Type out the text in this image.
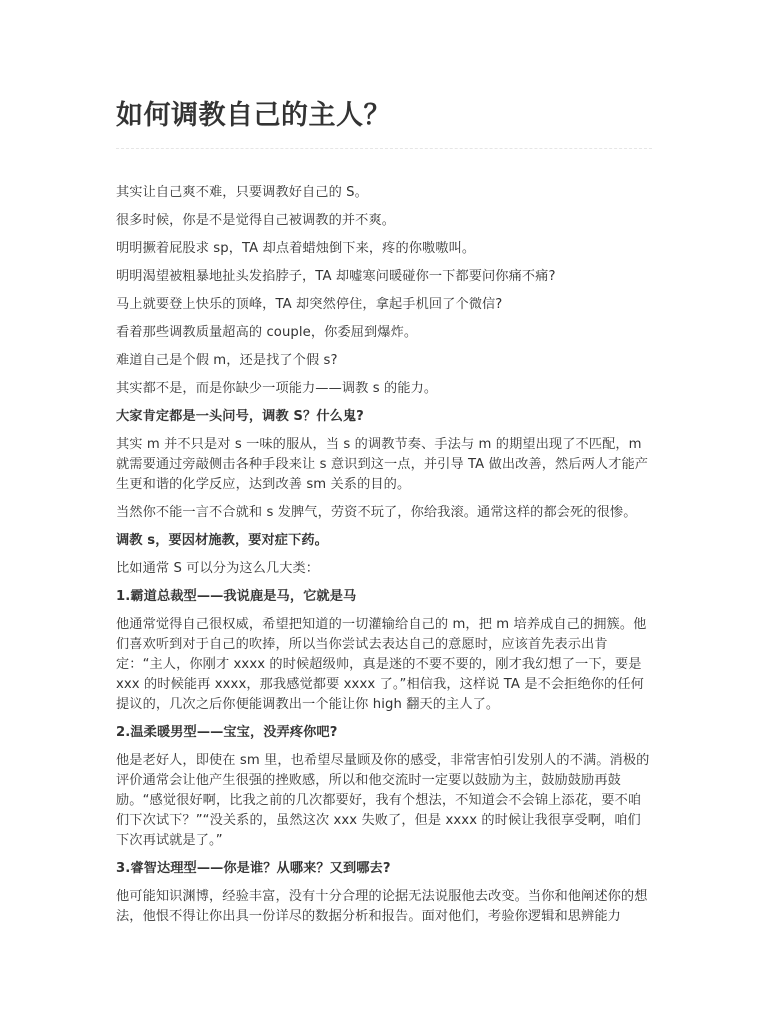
如何调教自己的主人？

其实让自己爽不难，只要调教好自己的 S。

很多时候，你是不是觉得自己被调教的并不爽。

明明撅着屁股求 sp，TA 却点着蜡烛倒下来，疼的你嗷嗷叫。

明明渴望被粗暴地扯头发掐脖子，TA 却嘘寒问暖碰你一下都要问你痛不痛?

马上就要登上快乐的顶峰，TA 却突然停住，拿起手机回了个微信?

看着那些调教质量超高的 couple，你委屈到爆炸。

难道自己是个假 m，还是找了个假 s?

其实都不是，而是你缺少一项能力——调教 s 的能力。

大家肯定都是一头问号，调教 S？什么鬼?

其实 m 并不只是对 s 一味的服从，当 s 的调教节奏、手法与 m 的期望出现了不匹配，m 就需要通过旁敲侧击各种手段来让 s 意识到这一点，并引导 TA 做出改善，然后两人才能产生更和谐的化学反应，达到改善 sm 关系的目的。

当然你不能一言不合就和 s 发脾气，劳资不玩了，你给我滚。通常这样的都会死的很惨。

调教 s，要因材施教，要对症下药。

比如通常 S 可以分为这么几大类：

1.霸道总裁型——我说鹿是马，它就是马

他通常觉得自己很权威，希望把知道的一切灌输给自己的 m，把 m 培养成自己的拥簇。他们喜欢听到对于自己的吹捧，所以当你尝试去表达自己的意愿时，应该首先表示出肯定：“主人，你刚才 xxxx 的时候超级帅，真是迷的不要不要的，刚才我幻想了一下，要是 xxx 的时候能再 xxxx，那我感觉都要 xxxx 了。”相信我，这样说 TA 是不会拒绝你的任何提议的，几次之后你便能调教出一个能让你 high 翻天的主人了。

2.温柔暖男型——宝宝，没弄疼你吧?

他是老好人，即使在 sm 里，也希望尽量顾及你的感受，非常害怕引发别人的不满。消极的评价通常会让他产生很强的挫败感，所以和他交流时一定要以鼓励为主，鼓励鼓励再鼓励。“感觉很好啊，比我之前的几次都要好，我有个想法，不知道会不会锦上添花，要不咱们下次试下？”“没关系的，虽然这次 xxx 失败了，但是 xxxx 的时候让我很享受啊，咱们下次再试就是了。”

3.睿智达理型——你是谁？从哪来？又到哪去?

他可能知识渊博，经验丰富，没有十分合理的论据无法说服他去改变。当你和他阐述你的想法，他恨不得让你出具一份详尽的数据分析和报告。面对他们，考验你逻辑和思辨能力
